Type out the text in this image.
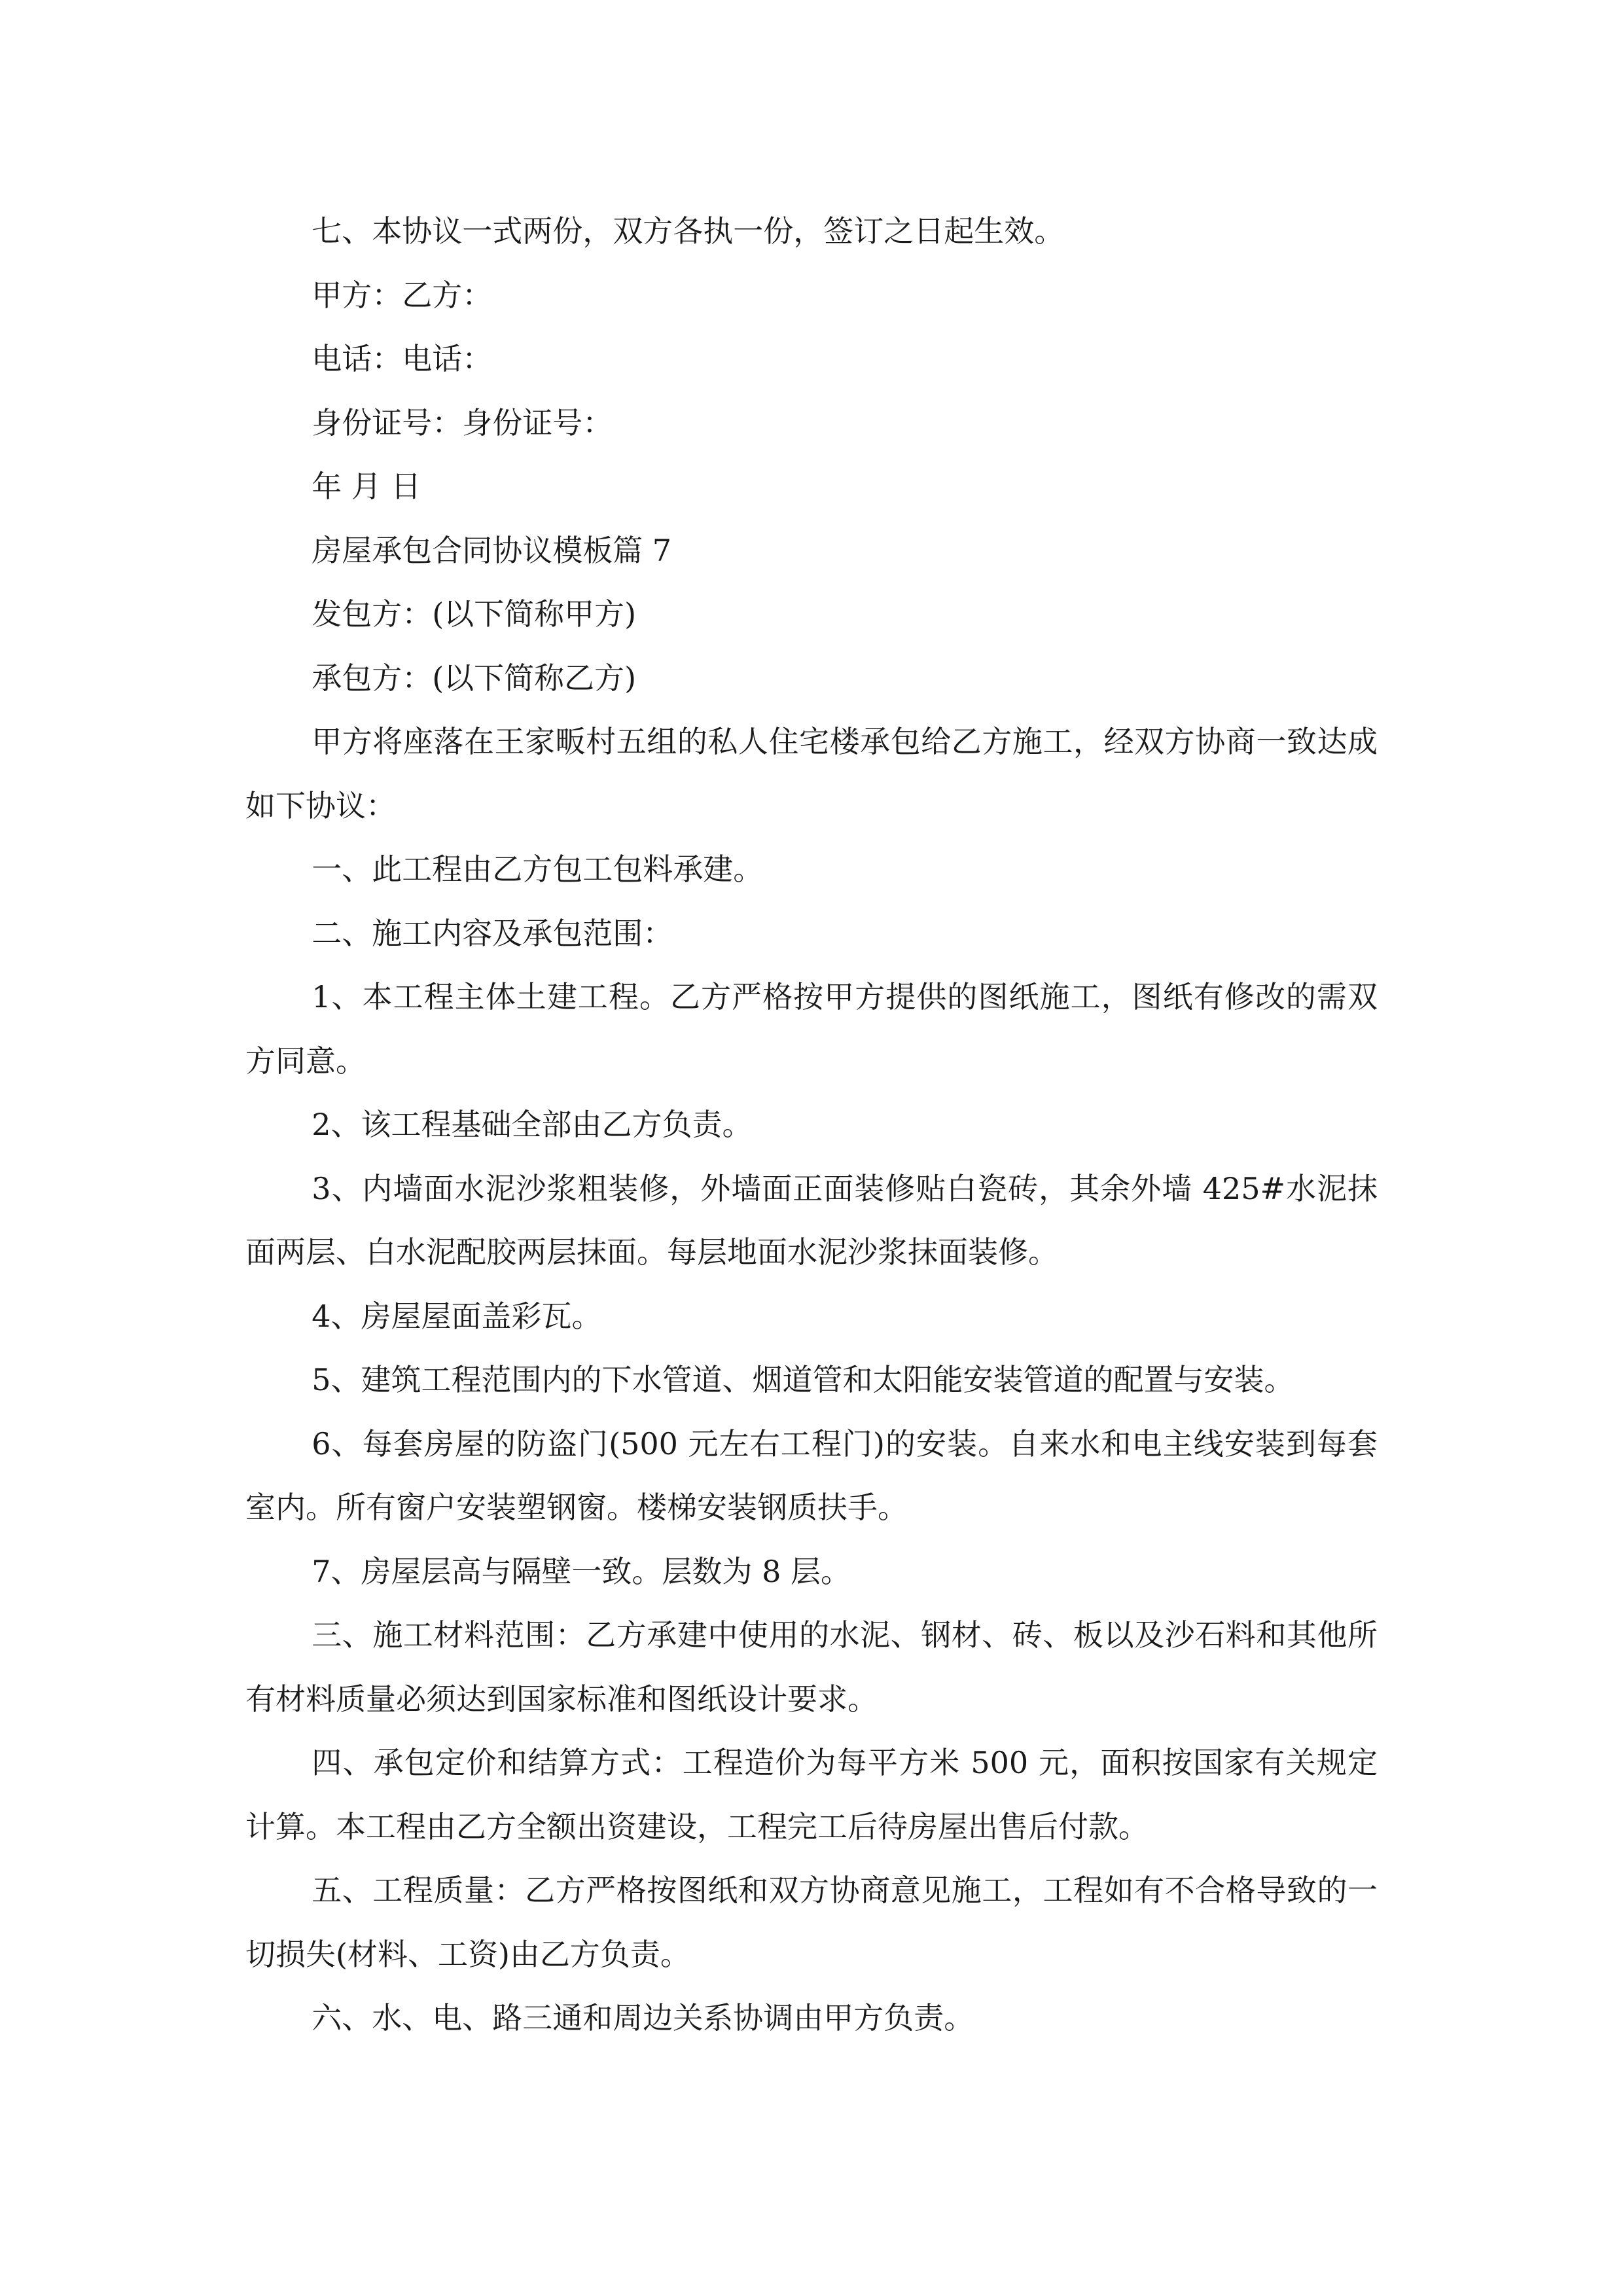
七、本协议一式两份，双方各执一份，签订之日起生效。

甲方：乙方：

电话：电话：

身份证号：身份证号：

年 月 日

房屋承包合同协议模板篇 7

发包方：(以下简称甲方)

承包方：(以下简称乙方)

甲方将座落在王家畈村五组的私人住宅楼承包给乙方施工，经双方协商一致达成如下协议：

一、此工程由乙方包工包料承建。

二、施工内容及承包范围：

1、本工程主体土建工程。乙方严格按甲方提供的图纸施工，图纸有修改的需双方同意。

2、该工程基础全部由乙方负责。

3、内墙面水泥沙浆粗装修，外墙面正面装修贴白瓷砖，其余外墙 425#水泥抹面两层、白水泥配胶两层抹面。每层地面水泥沙浆抹面装修。

4、房屋屋面盖彩瓦。

5、建筑工程范围内的下水管道、烟道管和太阳能安装管道的配置与安装。

6、每套房屋的防盗门(500 元左右工程门)的安装。自来水和电主线安装到每套室内。所有窗户安装塑钢窗。楼梯安装钢质扶手。

7、房屋层高与隔壁一致。层数为 8 层。

三、施工材料范围：乙方承建中使用的水泥、钢材、砖、板以及沙石料和其他所有材料质量必须达到国家标准和图纸设计要求。

四、承包定价和结算方式：工程造价为每平方米 500 元，面积按国家有关规定计算。本工程由乙方全额出资建设，工程完工后待房屋出售后付款。

五、工程质量：乙方严格按图纸和双方协商意见施工，工程如有不合格导致的一切损失(材料、工资)由乙方负责。

六、水、电、路三通和周边关系协调由甲方负责。
